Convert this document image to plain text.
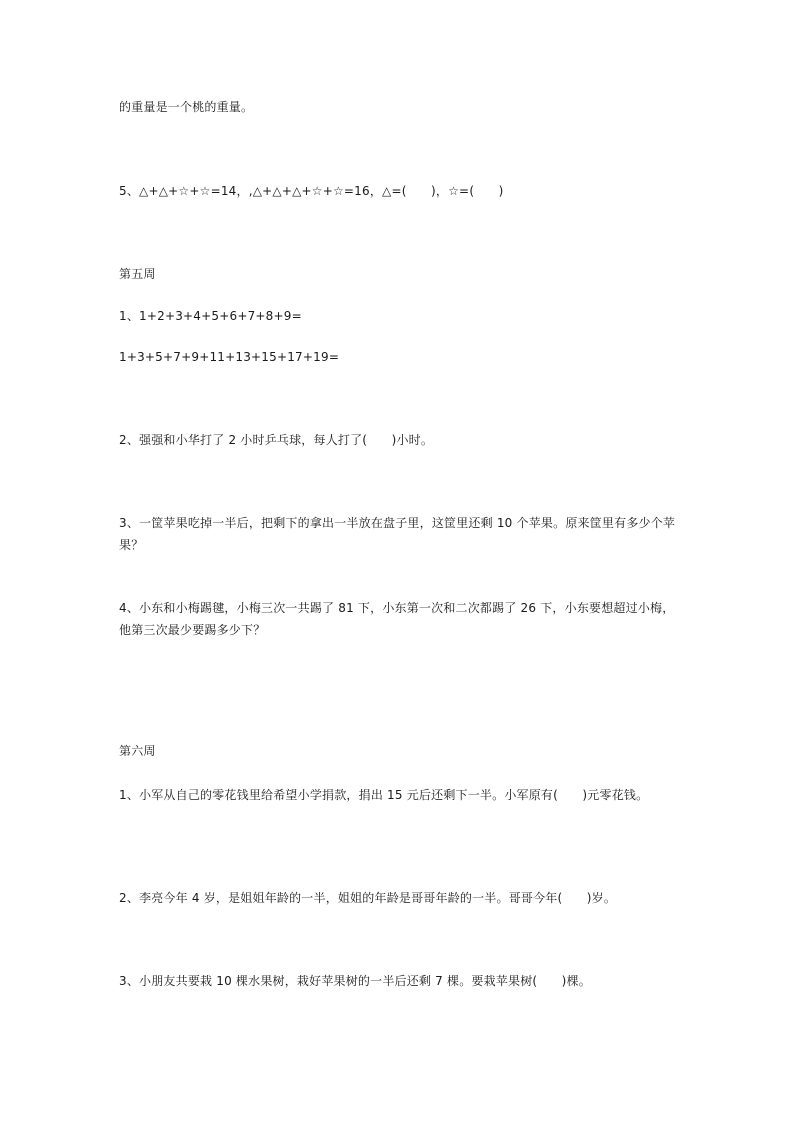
的重量是一个桃的重量。
5、△+△+☆+☆=14，,△+△+△+☆+☆=16，△=(　　)，☆=(　　)
第五周
1、1+2+3+4+5+6+7+8+9=
1+3+5+7+9+11+13+15+17+19=
2、强强和小华打了 2 小时乒乓球，每人打了(　　)小时。
3、一筐苹果吃掉一半后，把剩下的拿出一半放在盘子里，这筐里还剩 10 个苹果。原来筐里有多少个苹果？
4、小东和小梅踢毽，小梅三次一共踢了 81 下，小东第一次和二次都踢了 26 下，小东要想超过小梅，他第三次最少要踢多少下？
第六周
1、小军从自己的零花钱里给希望小学捐款，捐出 15 元后还剩下一半。小军原有(　　)元零花钱。
2、李亮今年 4 岁，是姐姐年龄的一半，姐姐的年龄是哥哥年龄的一半。哥哥今年(　　)岁。
3、小朋友共要栽 10 棵水果树，栽好苹果树的一半后还剩 7 棵。要栽苹果树(　　)棵。
